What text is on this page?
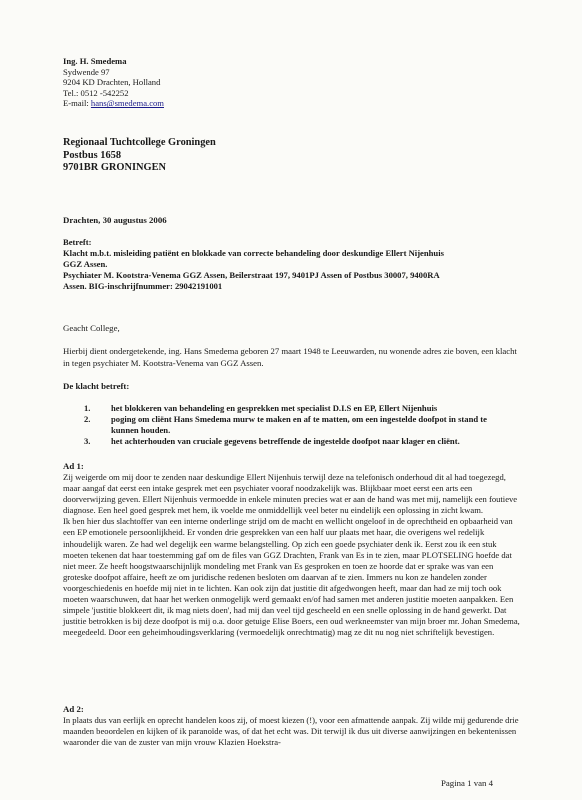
Ing. H. Smedema
Sydwende 97
9204 KD Drachten, Holland
Tel.: 0512 -542252
E-mail: hans@smedema.com
Regionaal Tuchtcollege Groningen
Postbus 1658
9701BR GRONINGEN
Drachten, 30 augustus 2006
Betreft:
Klacht m.b.t. misleiding patiënt en blokkade van correcte behandeling door deskundige Ellert Nijenhuis
GGZ Assen.
Psychiater M. Kootstra-Venema GGZ Assen, Beilerstraat 197, 9401PJ Assen of Postbus 30007, 9400RA
Assen. BIG-inschrijfnummer: 29042191001
Geacht College,
Hierbij dient ondergetekende, ing. Hans Smedema geboren 27 maart 1948 te Leeuwarden, nu wonende adres zie boven, een klacht in tegen psychiater M. Kootstra-Venema van GGZ Assen.
De klacht betreft:
1. het blokkeren van behandeling en gesprekken met specialist D.I.S en EP, Ellert Nijenhuis
2. poging om cliënt Hans Smedema murw te maken en af te matten, om een ingestelde doofpot in stand te kunnen houden.
3. het achterhouden van cruciale gegevens betreffende de ingestelde doofpot naar klager en cliënt.
Ad 1:

Zij weigerde om mij door te zenden naar deskundige Ellert Nijenhuis terwijl deze na telefonisch onderhoud dit al had toegezegd, maar aangaf dat eerst een intake gesprek met een psychiater vooraf noodzakelijk was. Blijkbaar moet eerst een arts een doorverwijzing geven. Ellert Nijenhuis vermoedde in enkele minuten precies wat er aan de hand was met mij, namelijk een foutieve diagnose. Een heel goed gesprek met hem, ik voelde me onmiddellijk veel beter nu eindelijk een oplossing in zicht kwam.

Ik ben hier dus slachtoffer van een interne onderlinge strijd om de macht en wellicht ongeloof in de oprechtheid en opbaarheid van een EP emotionele persoonlijkheid. Er vonden drie gesprekken van een half uur plaats met haar, die overigens wel redelijk inhoudelijk waren. Ze had wel degelijk een warme belangstelling. Op zich een goede psychiater denk ik. Eerst zou ik een stuk moeten tekenen dat haar toestemming gaf om de files van GGZ Drachten, Frank van Es in te zien, maar PLOTSELING hoefde dat niet meer. Ze heeft hoogstwaarschijnlijk mondeling met Frank van Es gesproken en toen ze hoorde dat er sprake was van een groteske doofpot affaire, heeft ze om juridische redenen besloten om daarvan af te zien. Immers nu kon ze handelen zonder voorgeschiedenis en hoefde mij niet in te lichten. Kan ook zijn dat justitie dit afgedwongen heeft, maar dan had ze mij toch ook moeten waarschuwen, dat haar het werken onmogelijk werd gemaakt en/of had samen met anderen justitie moeten aanpakken. Een simpele 'justitie blokkeert dit, ik mag niets doen', had mij dan veel tijd gescheeld en een snelle oplossing in de hand gewerkt. Dat justitie betrokken is bij deze doofpot is mij o.a. door getuige Elise Boers, een oud werkneemster van mijn broer mr. Johan Smedema, meegedeeld. Door een geheimhoudingsverklaring (vermoedelijk onrechtmatig) mag ze dit nu nog niet schriftelijk bevestigen.

Ad 2:
In plaats dus van eerlijk en oprecht handelen koos zij, of moest kiezen (!), voor een afmattende aanpak. Zij wilde mij gedurende drie maanden beoordelen en kijken of ik paranoïde was, of dat het echt was. Dit terwijl ik dus uit diverse aanwijzingen en bekentenissen waaronder die van de zuster van mijn vrouw Klazien Hoekstra-
Pagina 1 van 4
